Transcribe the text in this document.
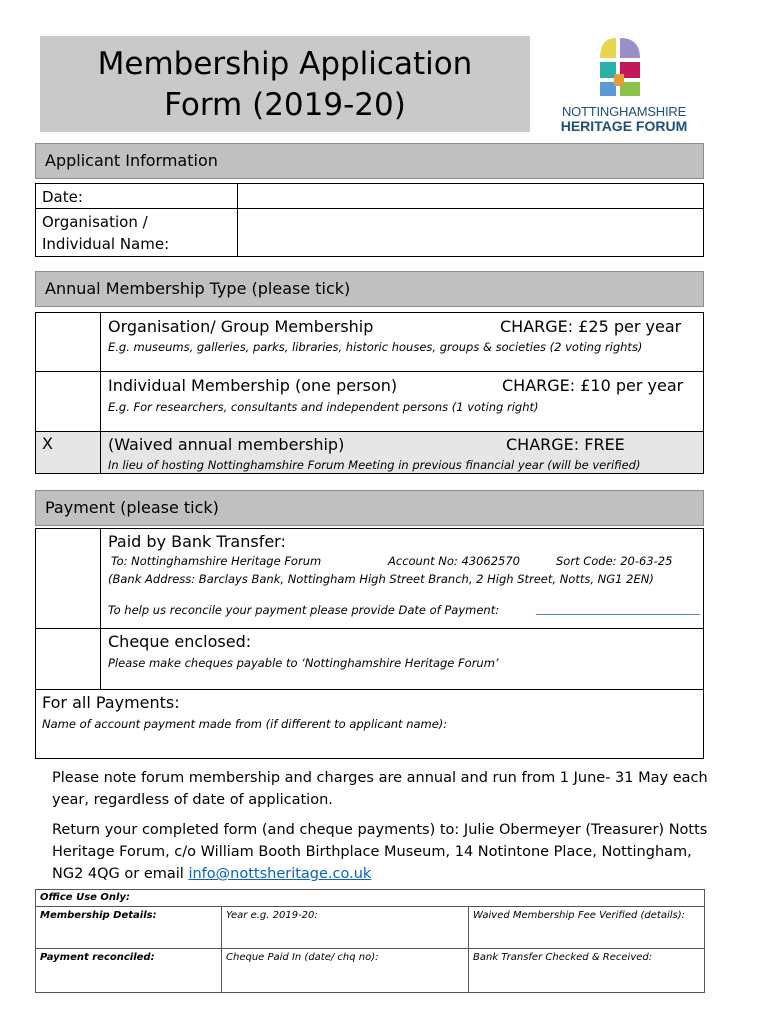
Membership Application
Form (2019-20)	NOTTINGHAMSHIRE
HERITAGE FORUM
Applicant Information
Date:
Organisation /
Individual Name:
Annual Membership Type (please tick)
Organisation/ Group Membership	CHARGE: £25 per year
E.g. museums, galleries, parks, libraries, historic houses, groups & societies (2 voting rights)
Individual Membership (one person)	CHARGE: £10 per year
E.g. For researchers, consultants and independent persons (1 voting right)
X	(Waived annual membership)	CHARGE: FREE
In lieu of hosting Nottinghamshire Forum Meeting in previous financial year (will be verified)
Payment (please tick)
Paid by Bank Transfer:
To: Nottinghamshire Heritage Forum	Account No: 43062570	Sort Code: 20-63-25
(Bank Address: Barclays Bank, Nottingham High Street Branch, 2 High Street, Notts, NG1 2EN)
To help us reconcile your payment please provide Date of Payment:
Cheque enclosed:
Please make cheques payable to ‘Nottinghamshire Heritage Forum’
For all Payments:
Name of account payment made from (if different to applicant name):
Please note forum membership and charges are annual and run from 1 June- 31 May each year, regardless of date of application.
Return your completed form (and cheque payments) to: Julie Obermeyer (Treasurer) Notts Heritage Forum, c/o William Booth Birthplace Museum, 14 Notintone Place, Nottingham, NG2 4QG or email info@nottsheritage.co.uk
Office Use Only:		
Membership Details:	Year e.g. 2019-20:	Waived Membership Fee Verified (details):
Payment reconciled:	Cheque Paid In (date/ chq no):	Bank Transfer Checked & Received:
